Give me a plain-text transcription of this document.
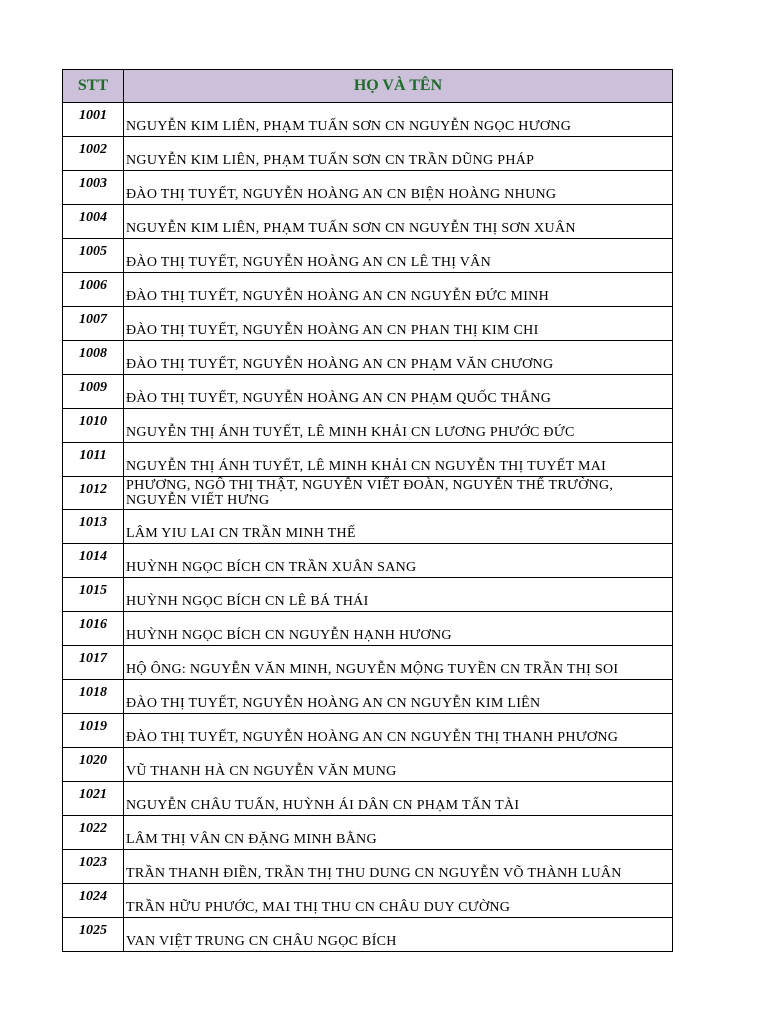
STT	HỌ VÀ TÊN
1001	NGUYỄN KIM LIÊN, PHẠM TUẤN SƠN CN NGUYỄN NGỌC HƯƠNG
1002	NGUYỄN KIM LIÊN, PHẠM TUẤN SƠN CN TRẦN DŨNG PHÁP
1003	ĐÀO THỊ TUYẾT, NGUYỄN HOÀNG AN CN BIỆN HOÀNG NHUNG
1004	NGUYỄN KIM LIÊN, PHẠM TUẤN SƠN CN NGUYỄN THỊ SƠN XUÂN
1005	ĐÀO THỊ TUYẾT, NGUYỄN HOÀNG AN CN LÊ THỊ VÂN
1006	ĐÀO THỊ TUYẾT, NGUYỄN HOÀNG AN CN NGUYỄN ĐỨC MINH
1007	ĐÀO THỊ TUYẾT, NGUYỄN HOÀNG AN CN PHAN THỊ KIM CHI
1008	ĐÀO THỊ TUYẾT, NGUYỄN HOÀNG AN CN PHẠM VĂN CHƯƠNG
1009	ĐÀO THỊ TUYẾT, NGUYỄN HOÀNG AN CN PHẠM QUỐC THẮNG
1010	NGUYỄN THỊ ÁNH TUYẾT, LÊ MINH KHẢI CN LƯƠNG PHƯỚC ĐỨC
1011	NGUYỄN THỊ ÁNH TUYẾT, LÊ MINH KHẢI CN NGUYỄN THỊ TUYẾT MAI
1012	PHƯƠNG, NGÔ THỊ THẬT, NGUYỄN VIẾT ĐOÀN, NGUYỄN THẾ TRƯỜNG, NGUYỄN VIẾT HƯNG
1013	LÂM YIU LAI CN TRẦN MINH THẾ
1014	HUỲNH NGỌC BÍCH CN TRẦN XUÂN SANG
1015	HUỲNH NGỌC BÍCH CN LÊ BÁ THÁI
1016	HUỲNH NGỌC BÍCH CN NGUYỄN HẠNH HƯƠNG
1017	HỘ ÔNG: NGUYỄN VĂN MINH, NGUYỄN MỘNG TUYỀN CN TRẦN THỊ SOI
1018	ĐÀO THỊ TUYẾT, NGUYỄN HOÀNG AN CN NGUYỄN KIM LIÊN
1019	ĐÀO THỊ TUYẾT, NGUYỄN HOÀNG AN CN NGUYỄN THỊ THANH PHƯƠNG
1020	VŨ THANH HÀ CN NGUYỄN VĂN MUNG
1021	NGUYỄN CHÂU TUẤN, HUỲNH ÁI DÂN CN PHẠM TẤN TÀI
1022	LÂM THỊ VÂN CN ĐẶNG MINH BẰNG
1023	TRẦN THANH ĐIỀN, TRẦN THỊ THU DUNG CN NGUYỄN VÕ THÀNH LUÂN
1024	TRẦN HỮU PHƯỚC, MAI THỊ THU CN CHÂU DUY CƯỜNG
1025	VAN VIỆT TRUNG CN CHÂU NGỌC BÍCH
